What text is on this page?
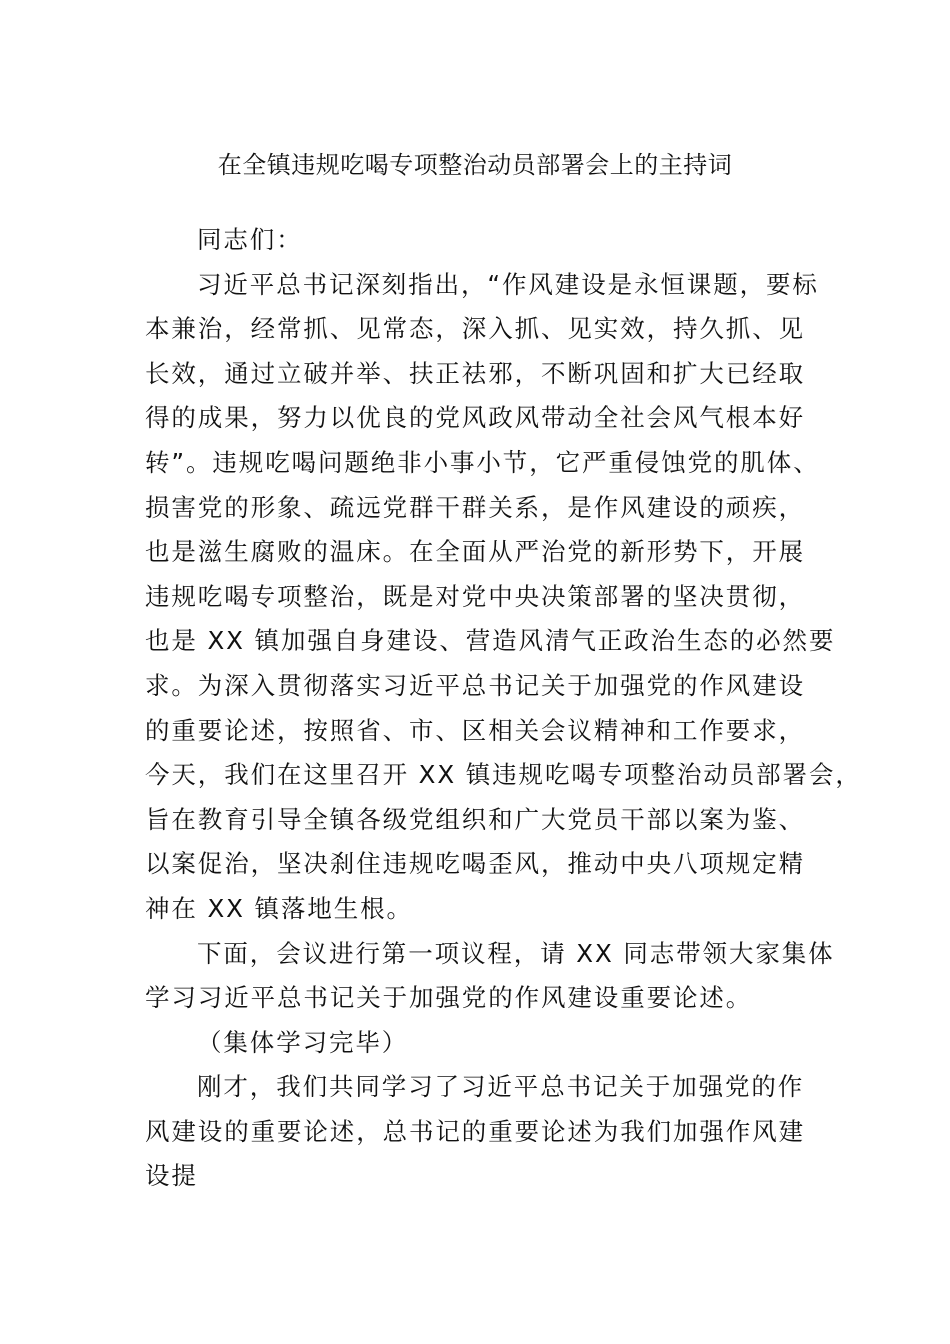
在全镇违规吃喝专项整治动员部署会上的主持词
同志们：
习近平总书记深刻指出，“作风建设是永恒课题，要标
本兼治，经常抓、见常态，深入抓、见实效，持久抓、见
长效，通过立破并举、扶正祛邪，不断巩固和扩大已经取
得的成果，努力以优良的党风政风带动全社会风气根本好
转”。违规吃喝问题绝非小事小节，它严重侵蚀党的肌体、
损害党的形象、疏远党群干群关系，是作风建设的顽疾，
也是滋生腐败的温床。在全面从严治党的新形势下，开展
违规吃喝专项整治，既是对党中央决策部署的坚决贯彻，
也是 XX 镇加强自身建设、营造风清气正政治生态的必然要
求。为深入贯彻落实习近平总书记关于加强党的作风建设
的重要论述，按照省、市、区相关会议精神和工作要求，
今天，我们在这里召开 XX 镇违规吃喝专项整治动员部署会，
旨在教育引导全镇各级党组织和广大党员干部以案为鉴、
以案促治，坚决刹住违规吃喝歪风，推动中央八项规定精
神在 XX 镇落地生根。
下面，会议进行第一项议程，请 XX 同志带领大家集体
学习习近平总书记关于加强党的作风建设重要论述。
（集体学习完毕）
刚才，我们共同学习了习近平总书记关于加强党的作
风建设的重要论述，总书记的重要论述为我们加强作风建
设提
